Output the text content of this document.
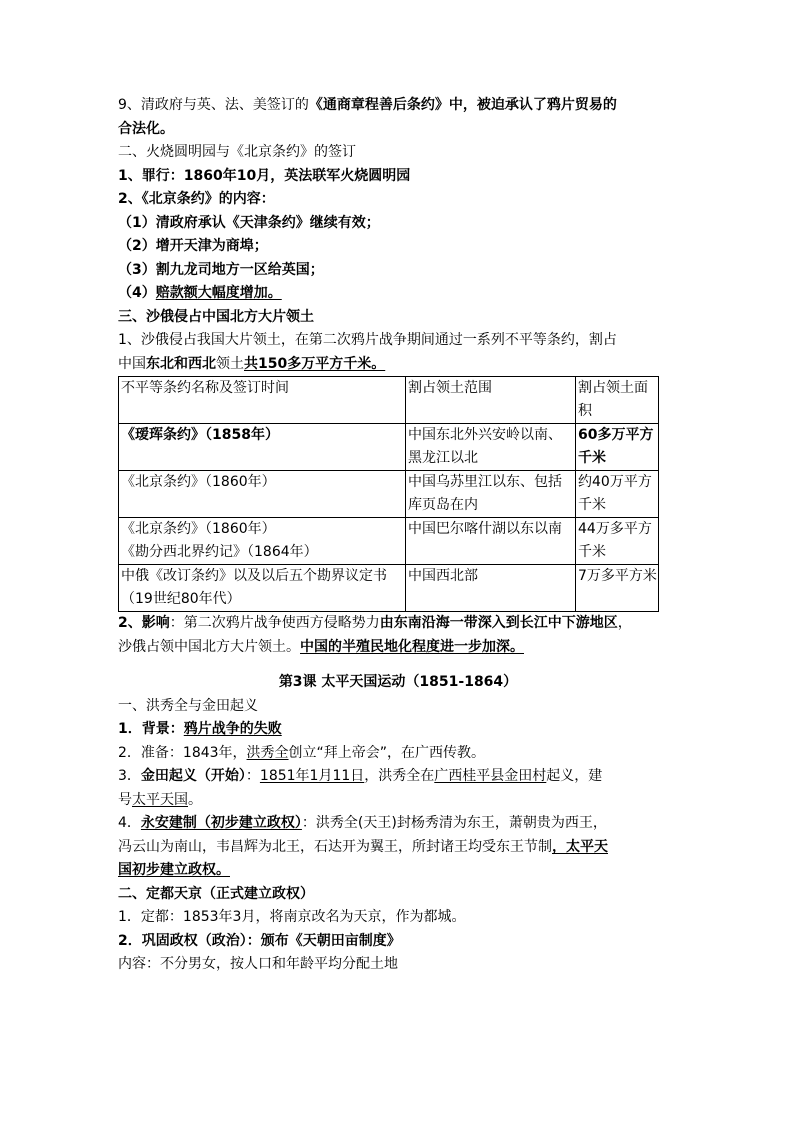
9、清政府与英、法、美签订的《通商章程善后条约》中，被迫承认了鸦片贸易的
合法化。
二、火烧圆明园与《北京条约》的签订
1、罪行：1860年10月，英法联军火烧圆明园
2、《北京条约》的内容：
（1）清政府承认《天津条约》继续有效；
（2）增开天津为商埠；
（3）割九龙司地方一区给英国；
（4）赔款额大幅度增加。
三、沙俄侵占中国北方大片领土
1、沙俄侵占我国大片领土，在第二次鸦片战争期间通过一系列不平等条约，割占
中国东北和西北领土共150多万平方千米。
不平等条约名称及签订时间	割占领土范围	割占领土面积
《瑷珲条约》（1858年）	中国东北外兴安岭以南、黑龙江以北	60多万平方千米
《北京条约》（1860年）	中国乌苏里江以东、包括库页岛在内	约40万平方千米

《北京条约》（1860年）
《勘分西北界约记》（1864年）	中国巴尔喀什湖以东以南	44万多平方千米
中俄《改订条约》以及以后五个勘界议定书（19世纪80年代）	中国西北部	7万多平方米
2、影响：第二次鸦片战争使西方侵略势力由东南沿海一带深入到长江中下游地区，
沙俄占领中国北方大片领土。中国的半殖民地化程度进一步加深。
第3课 太平天国运动（1851-1864）
一、洪秀全与金田起义
1．背景：鸦片战争的失败
2．准备：1843年，洪秀全创立“拜上帝会”，在广西传教。
3．金田起义（开始）：1851年1月11日，洪秀全在广西桂平县金田村起义，建
号太平天国。
4．永安建制（初步建立政权）：洪秀全(天王)封杨秀清为东王，萧朝贵为西王，
冯云山为南山，韦昌辉为北王，石达开为翼王，所封诸王均受东王节制，太平天
国初步建立政权。
二、定都天京（正式建立政权）
1．定都：1853年3月，将南京改名为天京，作为都城。
2．巩固政权（政治）：颁布《天朝田亩制度》
内容：不分男女，按人口和年龄平均分配土地
